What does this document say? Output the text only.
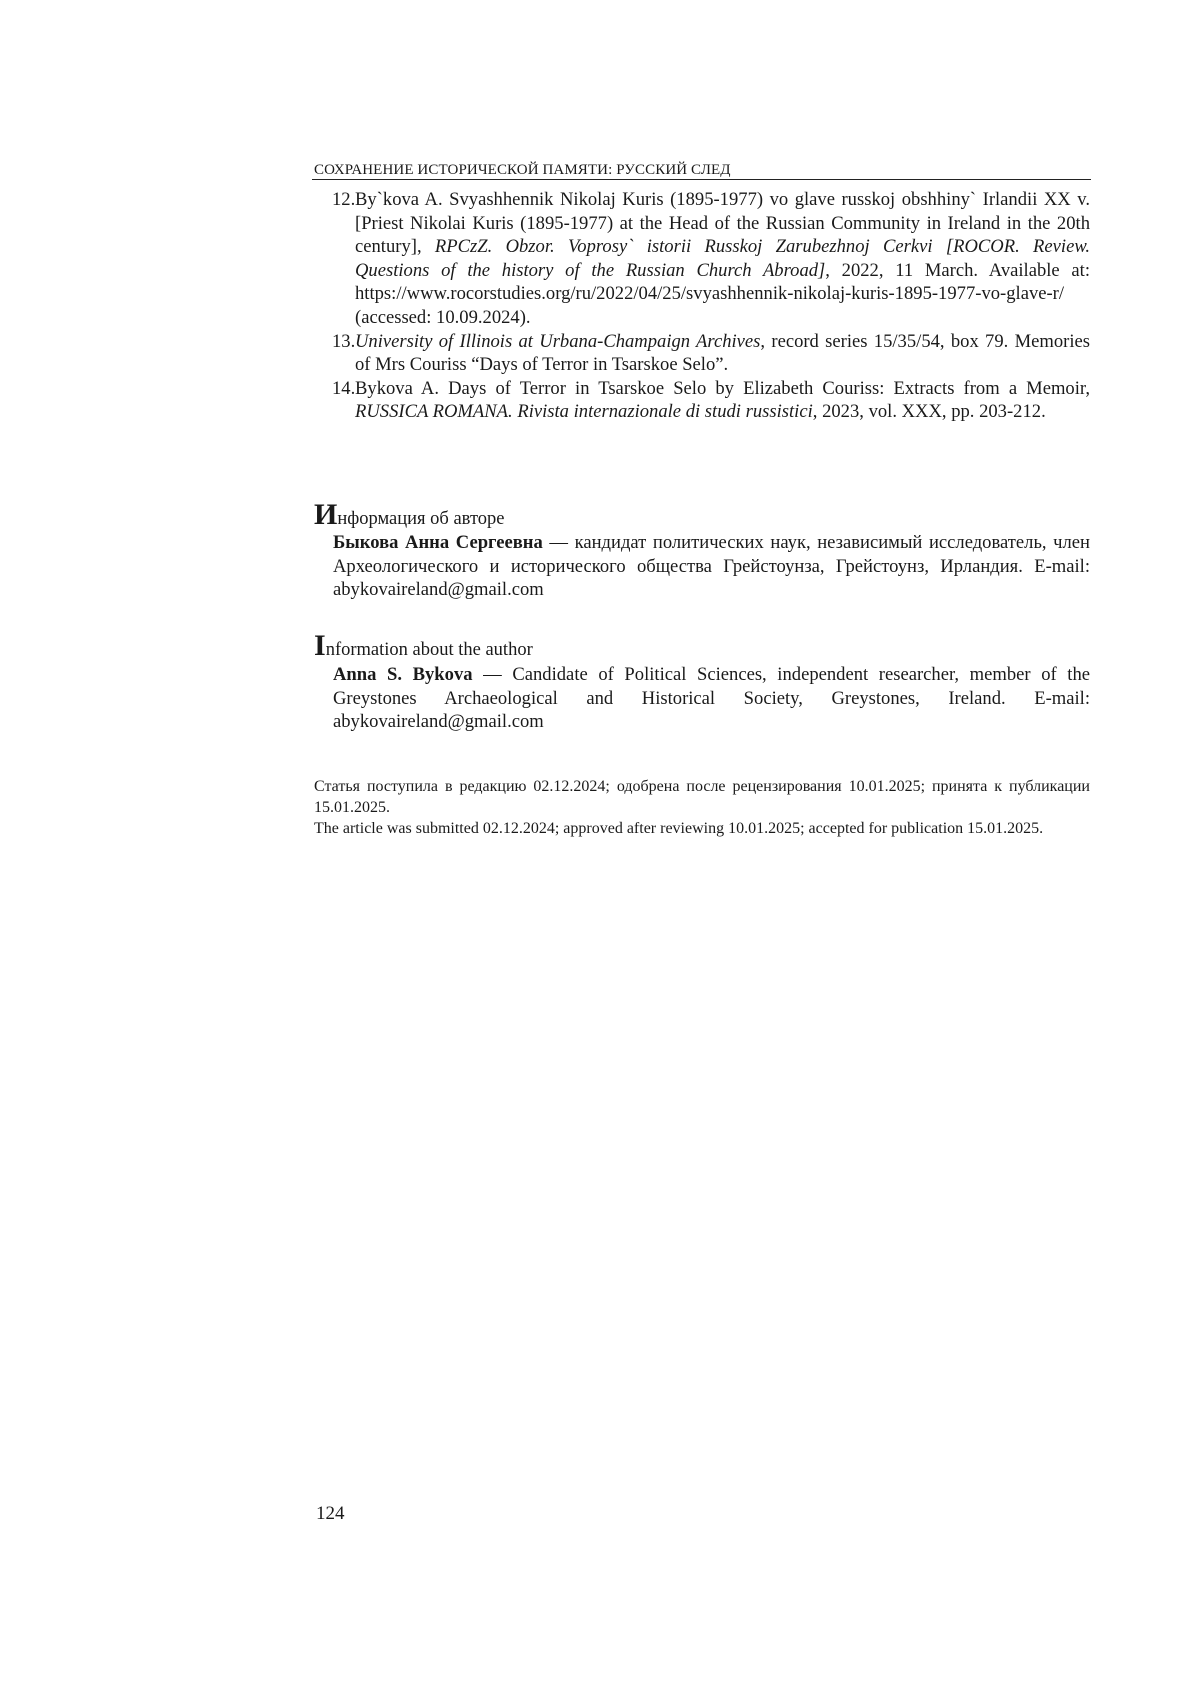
СОХРАНЕНИЕ ИСТОРИЧЕСКОЙ ПАМЯТИ: РУССКИЙ СЛЕД

12. By`kova A. Svyashhennik Nikolaj Kuris (1895-1977) vo glave russkoj obshhiny` Irlandii XX v. [Priest Nikolai Kuris (1895-1977) at the Head of the Russian Community in Ireland in the 20th century], RPCzZ. Obzor. Voprosy` istorii Russkoj Zarubezhnoj Cerkvi [ROCOR. Review. Questions of the history of the Russian Church Abroad], 2022, 11 March. Available at: https://www.rocorstudies.org/ru/2022/04/25/svyashhennik-nikolaj-kuris-1895-1977-vo-glave-r/ (accessed: 10.09.2024).

13. University of Illinois at Urbana-Champaign Archives, record series 15/35/54, box 79. Memories of Mrs Couriss “Days of Terror in Tsarskoe Selo”.

14. Bykova A. Days of Terror in Tsarskoe Selo by Elizabeth Couriss: Extracts from a Memoir, RUSSICA ROMANA. Rivista internazionale di studi russistici, 2023, vol. XXX, pp. 203-212.

Информация об авторе
Быкова Анна Сергеевна — кандидат политических наук, независимый исследователь, член Археологического и исторического общества Грейстоунза, Грейстоунз, Ирландия. E-mail: abykovaireland@gmail.com
Information about the author
Anna S. Bykova — Candidate of Political Sciences, independent researcher, member of the Greystones Archaeological and Historical Society, Greystones, Ireland. E-mail: abykovaireland@gmail.com
Статья поступила в редакцию 02.12.2024; одобрена после рецензирования 10.01.2025; принята к публикации 15.01.2025.
The article was submitted 02.12.2024; approved after reviewing 10.01.2025; accepted for publication 15.01.2025.
124
